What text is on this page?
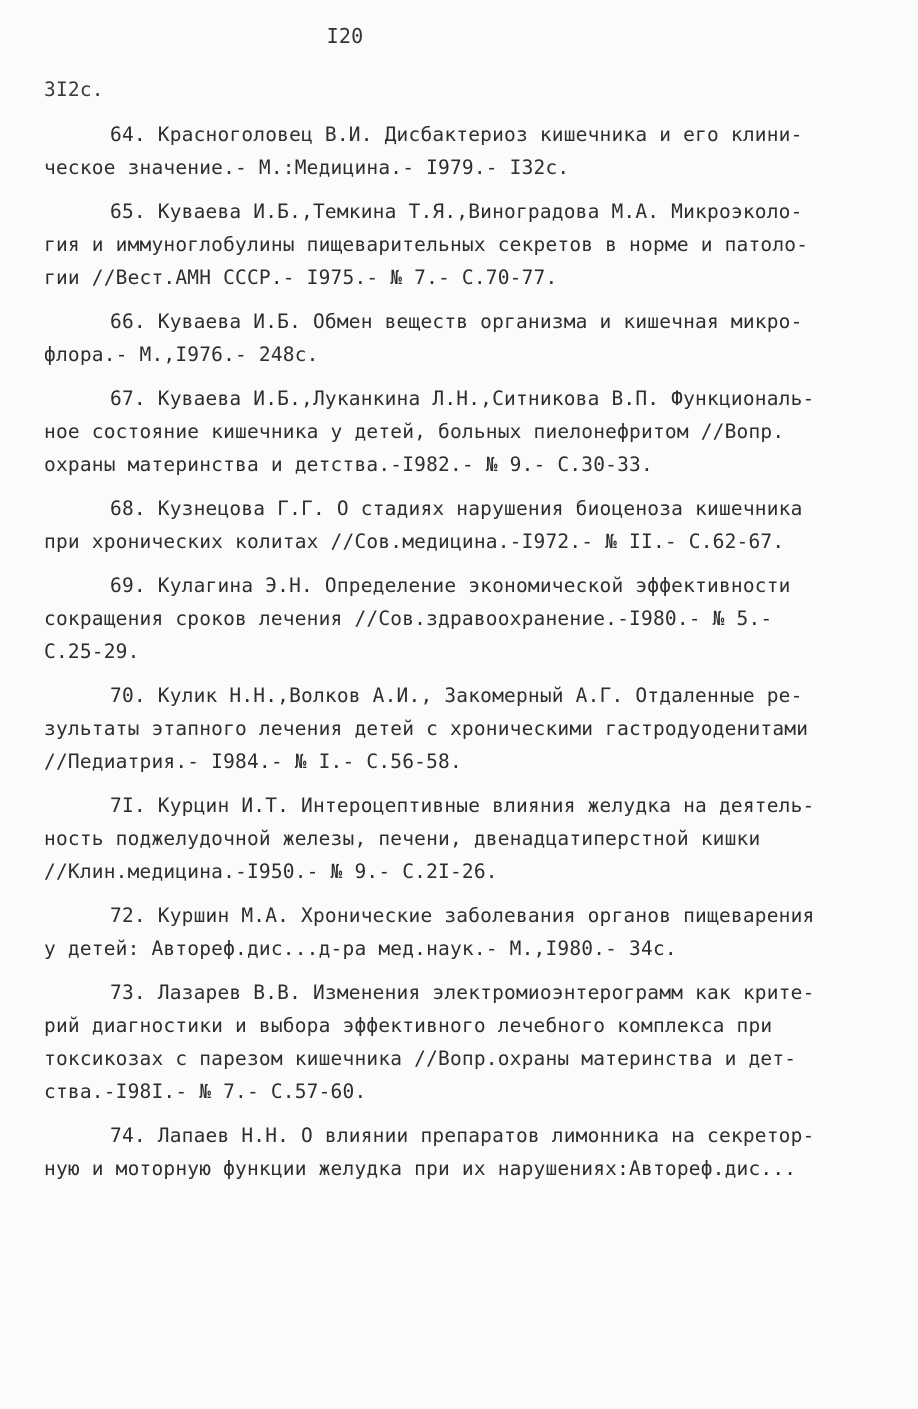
I20
3I2с.
64. Красноголовец В.И. Дисбактериоз кишечника и его клини-
ческое значение.- М.:Медицина.- I979.- I32с.
65. Куваева И.Б.,Темкина Т.Я.,Виноградова М.А. Микроэколо-
гия и иммуноглобулины пищеварительных секретов в норме и патоло-
гии //Вест.АМН СССР.- I975.- № 7.- С.70-77.
66. Куваева И.Б. Обмен веществ организма и кишечная микро-
флора.- М.,I976.- 248с.
67. Куваева И.Б.,Луканкина Л.Н.,Ситникова В.П. Функциональ-
ное состояние кишечника у детей, больных пиелонефритом //Вопр.
охраны материнства и детства.-I982.- № 9.- С.30-33.
68. Кузнецова Г.Г. О стадиях нарушения биоценоза кишечника
при хронических колитах //Сов.медицина.-I972.- № II.- С.62-67.
69. Кулагина Э.Н. Определение экономической эффективности
сокращения сроков лечения //Сов.здравоохранение.-I980.- № 5.-
С.25-29.
70. Кулик Н.Н.,Волков А.И., Закомерный А.Г. Отдаленные ре-
зультаты этапного лечения детей с хроническими гастродуоденитами
//Педиатрия.- I984.- № I.- С.56-58.
7I. Курцин И.Т. Интероцептивные влияния желудка на деятель-
ность поджелудочной железы, печени, двенадцатиперстной кишки
//Клин.медицина.-I950.- № 9.- С.2I-26.
72. Куршин М.А. Хронические заболевания органов пищеварения
у детей: Автореф.дис...д-ра мед.наук.- М.,I980.- 34с.
73. Лазарев В.В. Изменения электромиоэнтерограмм как крите-
рий диагностики и выбора эффективного лечебного комплекса при
токсикозах с парезом кишечника //Вопр.охраны материнства и дет-
ства.-I98I.- № 7.- С.57-60.
74. Лапаев Н.Н. О влиянии препаратов лимонника на секретор-
ную и моторную функции желудка при их нарушениях:Автореф.дис...
